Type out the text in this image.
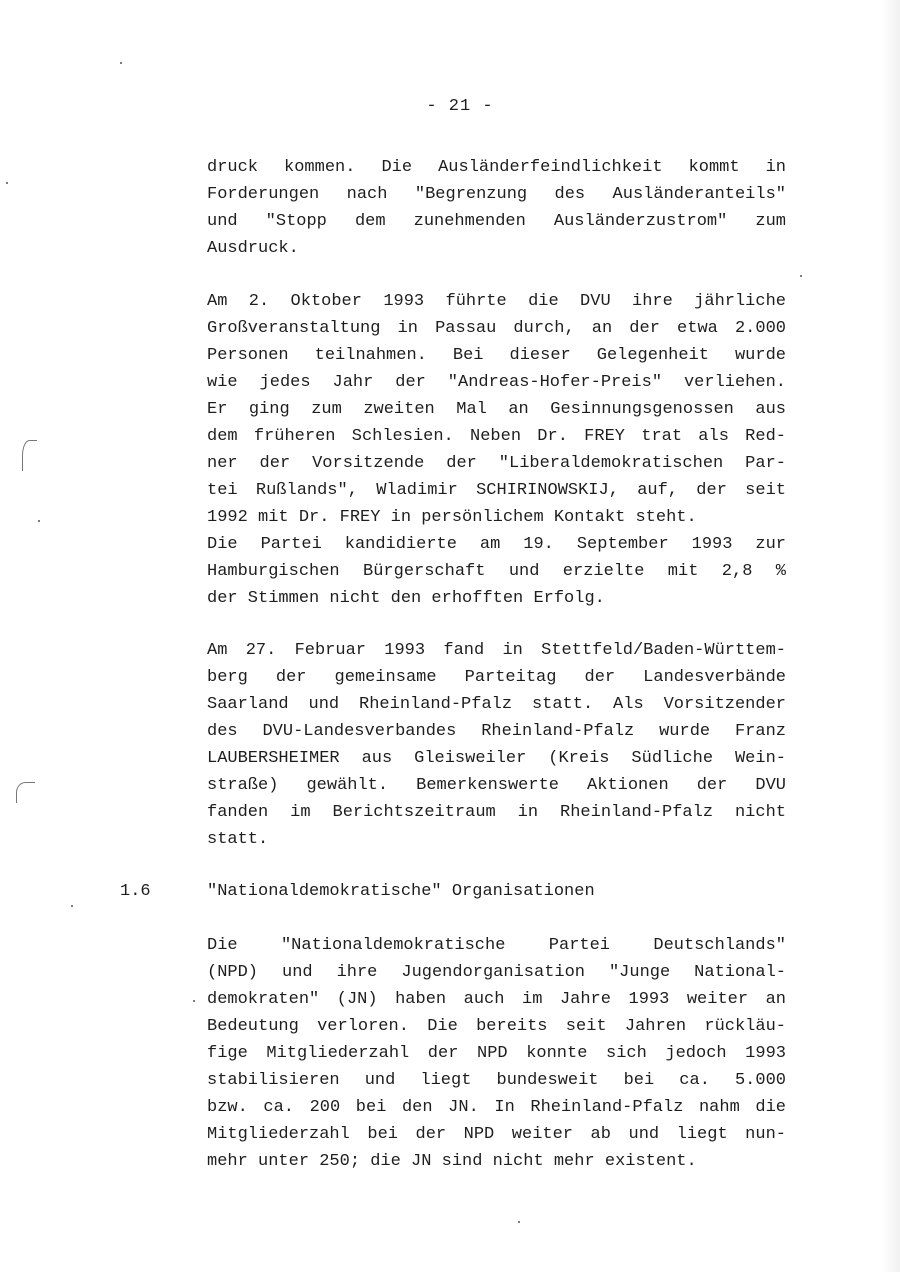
- 21 -

druck kommen. Die Ausländerfeindlichkeit kommt in
Forderungen nach "Begrenzung des Ausländeranteils"
und "Stopp dem zunehmenden Ausländerzustrom" zum
Ausdruck.

Am 2. Oktober 1993 führte die DVU ihre jährliche
Großveranstaltung in Passau durch, an der etwa 2.000
Personen teilnahmen. Bei dieser Gelegenheit wurde
wie jedes Jahr der "Andreas-Hofer-Preis" verliehen.
Er ging zum zweiten Mal an Gesinnungsgenossen aus
dem früheren Schlesien. Neben Dr. FREY trat als Red-
ner der Vorsitzende der "Liberaldemokratischen Par-
tei Rußlands", Wladimir SCHIRINOWSKIJ, auf, der seit
1992 mit Dr. FREY in persönlichem Kontakt steht.
Die Partei kandidierte am 19. September 1993 zur
Hamburgischen Bürgerschaft und erzielte mit 2,8 %
der Stimmen nicht den erhofften Erfolg.

Am 27. Februar 1993 fand in Stettfeld/Baden-Württem-
berg der gemeinsame Parteitag der Landesverbände
Saarland und Rheinland-Pfalz statt. Als Vorsitzender
des DVU-Landesverbandes Rheinland-Pfalz wurde Franz
LAUBERSHEIMER aus Gleisweiler (Kreis Südliche Wein-
straße) gewählt. Bemerkenswerte Aktionen der DVU
fanden im Berichtszeitraum in Rheinland-Pfalz nicht
statt.

1.6	"Nationaldemokratische" Organisationen

Die "Nationaldemokratische Partei Deutschlands"
(NPD) und ihre Jugendorganisation "Junge National-
demokraten" (JN) haben auch im Jahre 1993 weiter an
Bedeutung verloren. Die bereits seit Jahren rückläu-
fige Mitgliederzahl der NPD konnte sich jedoch 1993
stabilisieren und liegt bundesweit bei ca. 5.000
bzw. ca. 200 bei den JN. In Rheinland-Pfalz nahm die
Mitgliederzahl bei der NPD weiter ab und liegt nun-
mehr unter 250; die JN sind nicht mehr existent.
